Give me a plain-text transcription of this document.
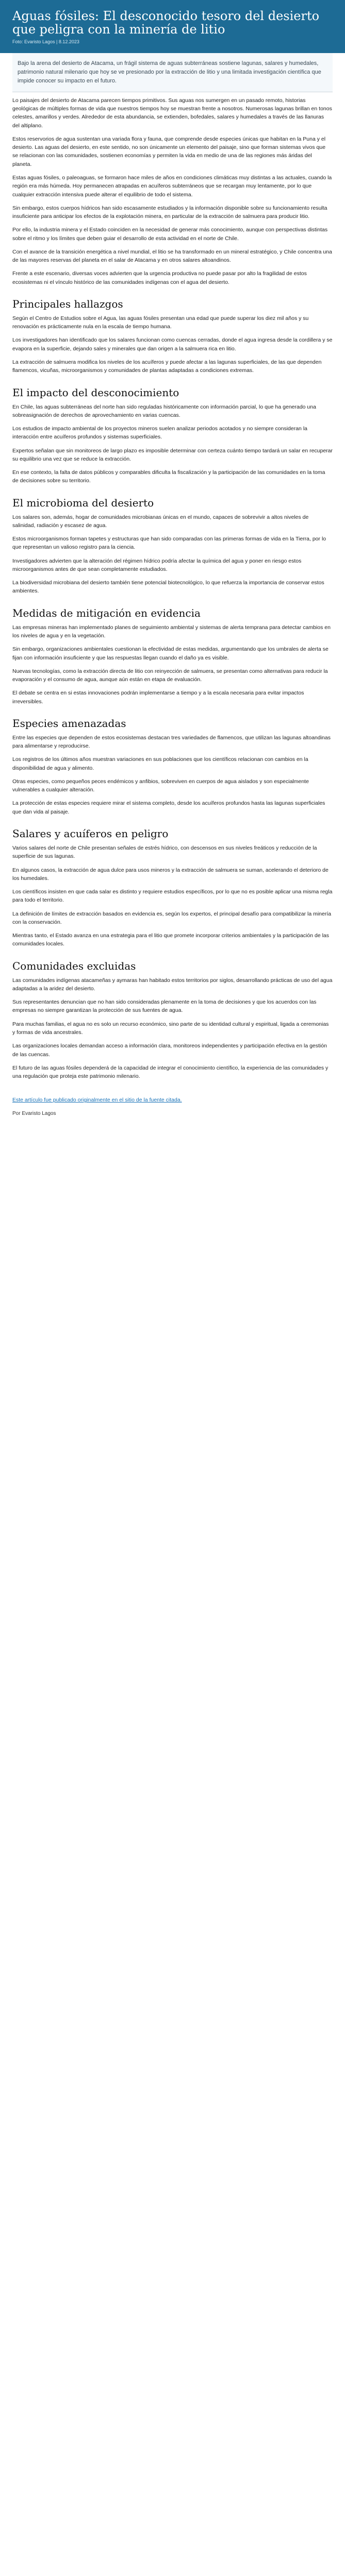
Aguas fósiles: El desconocido tesoro del desierto que peligra con la minería de litio
Foto: Evaristo Lagos | 8.12.2023
Bajo la arena del desierto de Atacama, un frágil sistema de aguas subterráneas sostiene lagunas, salares y humedales, patrimonio natural milenario que hoy se ve presionado por la extracción de litio y una limitada investigación científica que impide conocer su impacto en el futuro.

Lo paisajes del desierto de Atacama parecen tiempos primitivos. Sus aguas nos sumergen en un pasado remoto, historias geológicas de múltiples formas de vida que nuestros tiempos hoy se muestran frente a nosotros. Numerosas lagunas brillan en tonos celestes, amarillos y verdes. Alrededor de esta abundancia, se extienden, bofedales, salares y humedales a través de las llanuras del altiplano.

Estos reservorios de agua sustentan una variada flora y fauna, que comprende desde especies únicas que habitan en la Puna y el desierto. Las aguas del desierto, en este sentido, no son únicamente un elemento del paisaje, sino que forman sistemas vivos que se relacionan con las comunidades, sostienen economías y permiten la vida en medio de una de las regiones más áridas del planeta.

Estas aguas fósiles, o paleoaguas, se formaron hace miles de años en condiciones climáticas muy distintas a las actuales, cuando la región era más húmeda. Hoy permanecen atrapadas en acuíferos subterráneos que se recargan muy lentamente, por lo que cualquier extracción intensiva puede alterar el equilibrio de todo el sistema.

Sin embargo, estos cuerpos hídricos han sido escasamente estudiados y la información disponible sobre su funcionamiento resulta insuficiente para anticipar los efectos de la explotación minera, en particular de la extracción de salmuera para producir litio.

Por ello, la industria minera y el Estado coinciden en la necesidad de generar más conocimiento, aunque con perspectivas distintas sobre el ritmo y los límites que deben guiar el desarrollo de esta actividad en el norte de Chile.

Con el avance de la transición energética a nivel mundial, el litio se ha transformado en un mineral estratégico, y Chile concentra una de las mayores reservas del planeta en el salar de Atacama y en otros salares altoandinos.

Frente a este escenario, diversas voces advierten que la urgencia productiva no puede pasar por alto la fragilidad de estos ecosistemas ni el vínculo histórico de las comunidades indígenas con el agua del desierto.

Principales hallazgos

Según el Centro de Estudios sobre el Agua, las aguas fósiles presentan una edad que puede superar los diez mil años y su renovación es prácticamente nula en la escala de tiempo humana.

Los investigadores han identificado que los salares funcionan como cuencas cerradas, donde el agua ingresa desde la cordillera y se evapora en la superficie, dejando sales y minerales que dan origen a la salmuera rica en litio.

La extracción de salmuera modifica los niveles de los acuíferos y puede afectar a las lagunas superficiales, de las que dependen flamencos, vicuñas, microorganismos y comunidades de plantas adaptadas a condiciones extremas.

El impacto del desconocimiento

En Chile, las aguas subterráneas del norte han sido reguladas históricamente con información parcial, lo que ha generado una sobreasignación de derechos de aprovechamiento en varias cuencas.

Los estudios de impacto ambiental de los proyectos mineros suelen analizar periodos acotados y no siempre consideran la interacción entre acuíferos profundos y sistemas superficiales.

Expertos señalan que sin monitoreos de largo plazo es imposible determinar con certeza cuánto tiempo tardará un salar en recuperar su equilibrio una vez que se reduce la extracción.

En ese contexto, la falta de datos públicos y comparables dificulta la fiscalización y la participación de las comunidades en la toma de decisiones sobre su territorio.

El microbioma del desierto

Los salares son, además, hogar de comunidades microbianas únicas en el mundo, capaces de sobrevivir a altos niveles de salinidad, radiación y escasez de agua.

Estos microorganismos forman tapetes y estructuras que han sido comparadas con las primeras formas de vida en la Tierra, por lo que representan un valioso registro para la ciencia.

Investigadores advierten que la alteración del régimen hídrico podría afectar la química del agua y poner en riesgo estos microorganismos antes de que sean completamente estudiados.

La biodiversidad microbiana del desierto también tiene potencial biotecnológico, lo que refuerza la importancia de conservar estos ambientes.

Medidas de mitigación en evidencia

Las empresas mineras han implementado planes de seguimiento ambiental y sistemas de alerta temprana para detectar cambios en los niveles de agua y en la vegetación.

Sin embargo, organizaciones ambientales cuestionan la efectividad de estas medidas, argumentando que los umbrales de alerta se fijan con información insuficiente y que las respuestas llegan cuando el daño ya es visible.

Nuevas tecnologías, como la extracción directa de litio con reinyección de salmuera, se presentan como alternativas para reducir la evaporación y el consumo de agua, aunque aún están en etapa de evaluación.

El debate se centra en si estas innovaciones podrán implementarse a tiempo y a la escala necesaria para evitar impactos irreversibles.

Especies amenazadas

Entre las especies que dependen de estos ecosistemas destacan tres variedades de flamencos, que utilizan las lagunas altoandinas para alimentarse y reproducirse.

Los registros de los últimos años muestran variaciones en sus poblaciones que los científicos relacionan con cambios en la disponibilidad de agua y alimento.

Otras especies, como pequeños peces endémicos y anfibios, sobreviven en cuerpos de agua aislados y son especialmente vulnerables a cualquier alteración.

La protección de estas especies requiere mirar el sistema completo, desde los acuíferos profundos hasta las lagunas superficiales que dan vida al paisaje.

Salares y acuíferos en peligro

Varios salares del norte de Chile presentan señales de estrés hídrico, con descensos en sus niveles freáticos y reducción de la superficie de sus lagunas.

En algunos casos, la extracción de agua dulce para usos mineros y la extracción de salmuera se suman, acelerando el deterioro de los humedales.

Los científicos insisten en que cada salar es distinto y requiere estudios específicos, por lo que no es posible aplicar una misma regla para todo el territorio.

La definición de límites de extracción basados en evidencia es, según los expertos, el principal desafío para compatibilizar la minería con la conservación.

Mientras tanto, el Estado avanza en una estrategia para el litio que promete incorporar criterios ambientales y la participación de las comunidades locales.

Comunidades excluidas

Las comunidades indígenas atacameñas y aymaras han habitado estos territorios por siglos, desarrollando prácticas de uso del agua adaptadas a la aridez del desierto.

Sus representantes denuncian que no han sido consideradas plenamente en la toma de decisiones y que los acuerdos con las empresas no siempre garantizan la protección de sus fuentes de agua.

Para muchas familias, el agua no es solo un recurso económico, sino parte de su identidad cultural y espiritual, ligada a ceremonias y formas de vida ancestrales.

Las organizaciones locales demandan acceso a información clara, monitoreos independientes y participación efectiva en la gestión de las cuencas.

El futuro de las aguas fósiles dependerá de la capacidad de integrar el conocimiento científico, la experiencia de las comunidades y una regulación que proteja este patrimonio milenario.

Este artículo fue publicado originalmente en el sitio de la fuente citada.

Por Evaristo Lagos
